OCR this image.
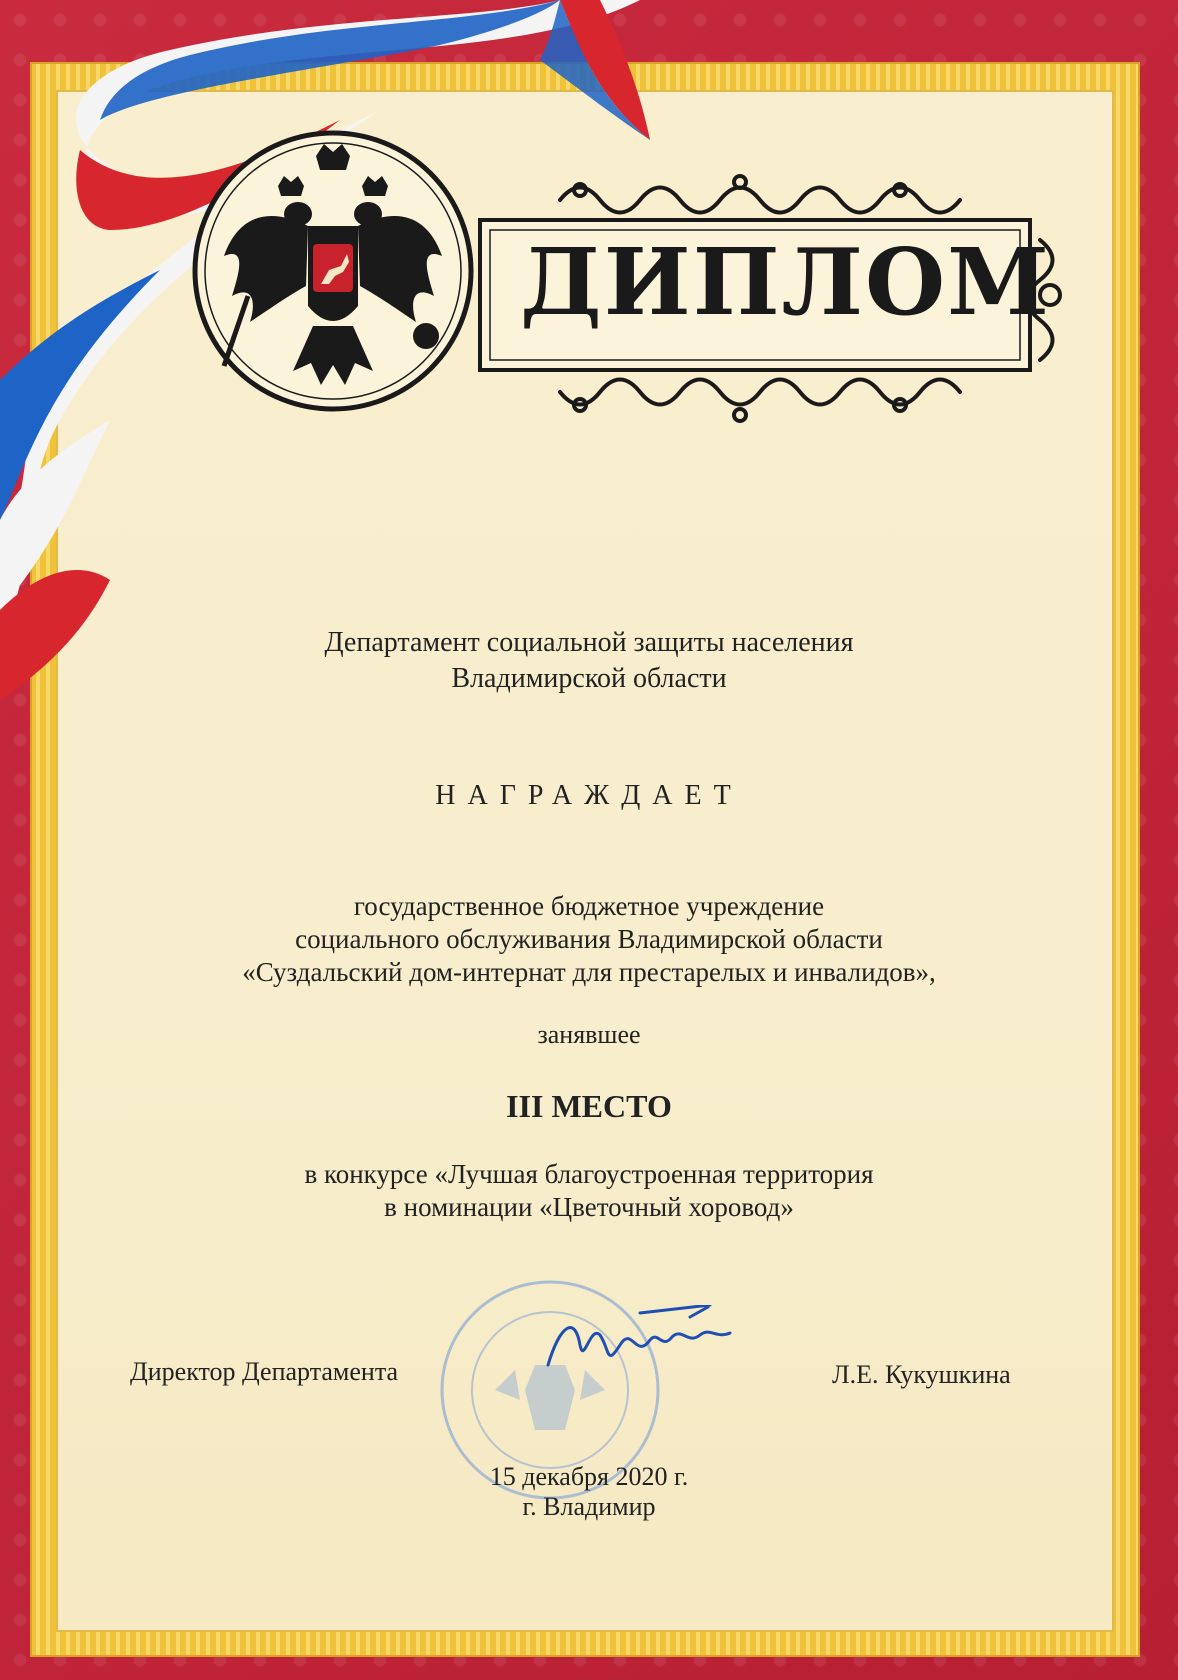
ДИПЛОМ
Департамент социальной защиты населения
Владимирской области
НАГРАЖДАЕТ
государственное бюджетное учреждение
социального обслуживания Владимирской области
«Суздальский дом-интернат для престарелых и инвалидов»,
занявшее
III МЕСТО
в конкурсе «Лучшая благоустроенная территория
в номинации «Цветочный хоровод»
Директор Департамента	Л.Е. Кукушкина
15 декабря 2020 г.
г. Владимир
